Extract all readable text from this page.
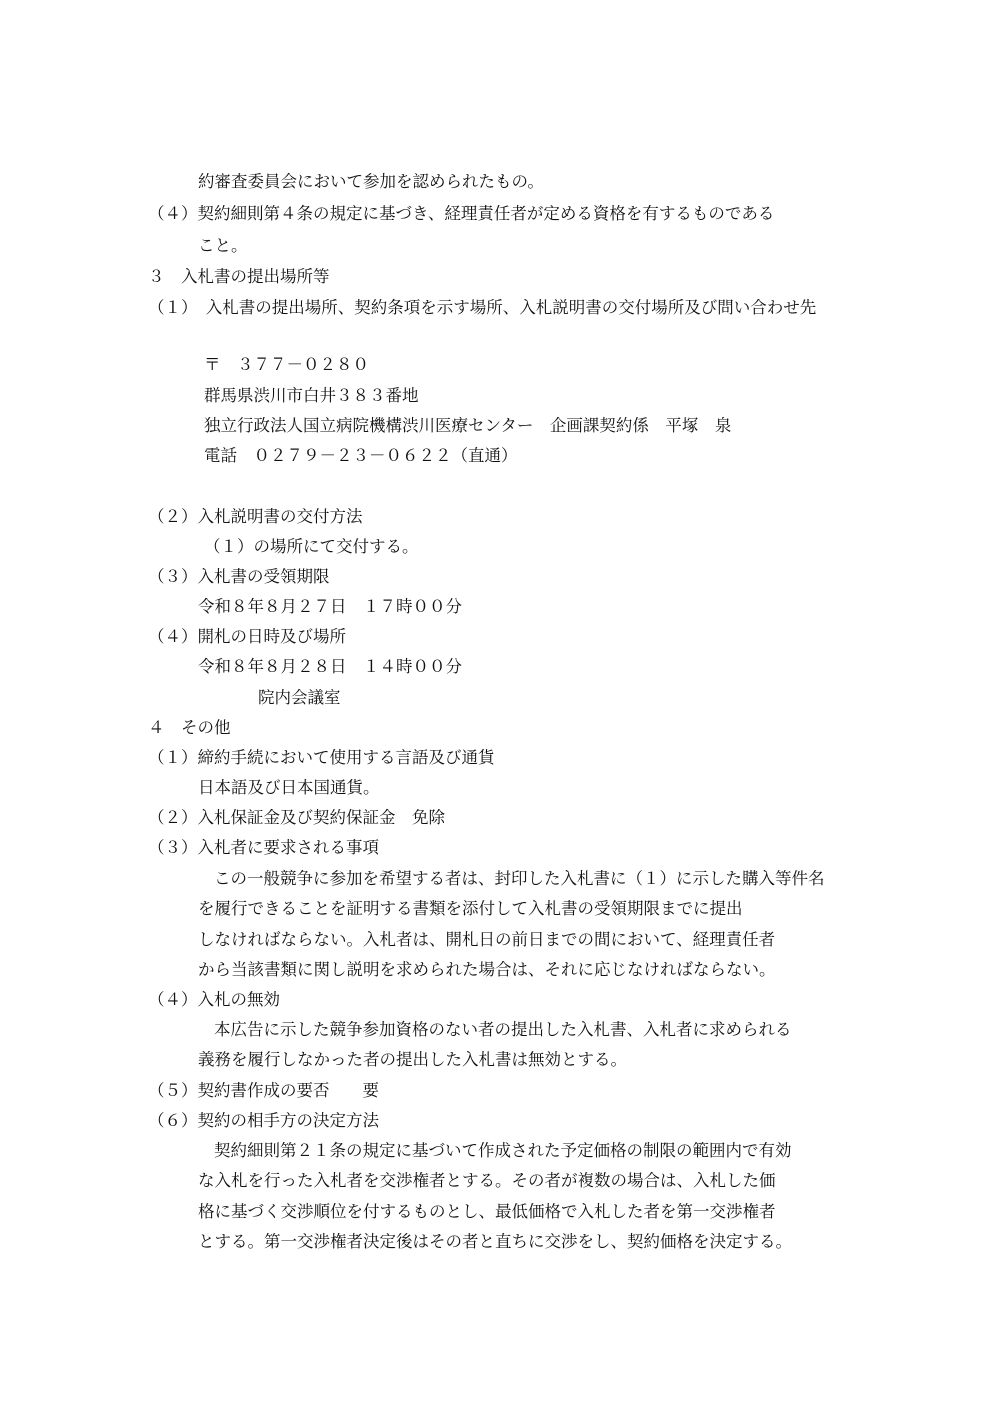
約審査委員会において参加を認められたもの。

（４）契約細則第４条の規定に基づき、経理責任者が定める資格を有するものである

こと。

３　入札書の提出場所等

（１）　入札書の提出場所、契約条項を示す場所、入札説明書の交付場所及び問い合わせ先

〒　３７７－０２８０

群馬県渋川市白井３８３番地

独立行政法人国立病院機構渋川医療センター　企画課契約係　平塚　泉

電話　０２７９－２３－０６２２（直通）

（２）入札説明書の交付方法

（１）の場所にて交付する。

（３）入札書の受領期限

令和８年８月２７日　１７時００分

（４）開札の日時及び場所

令和８年８月２８日　１４時００分

院内会議室

４　その他

（１）締約手続において使用する言語及び通貨

日本語及び日本国通貨。

（２）入札保証金及び契約保証金　免除

（３）入札者に要求される事項

この一般競争に参加を希望する者は、封印した入札書に（１）に示した購入等件名

を履行できることを証明する書類を添付して入札書の受領期限までに提出

しなければならない。入札者は、開札日の前日までの間において、経理責任者

から当該書類に関し説明を求められた場合は、それに応じなければならない。

（４）入札の無効

本広告に示した競争参加資格のない者の提出した入札書、入札者に求められる

義務を履行しなかった者の提出した入札書は無効とする。

（５）契約書作成の要否　　要

（６）契約の相手方の決定方法

契約細則第２１条の規定に基づいて作成された予定価格の制限の範囲内で有効

な入札を行った入札者を交渉権者とする。その者が複数の場合は、入札した価

格に基づく交渉順位を付するものとし、最低価格で入札した者を第一交渉権者

とする。第一交渉権者決定後はその者と直ちに交渉をし、契約価格を決定する。
